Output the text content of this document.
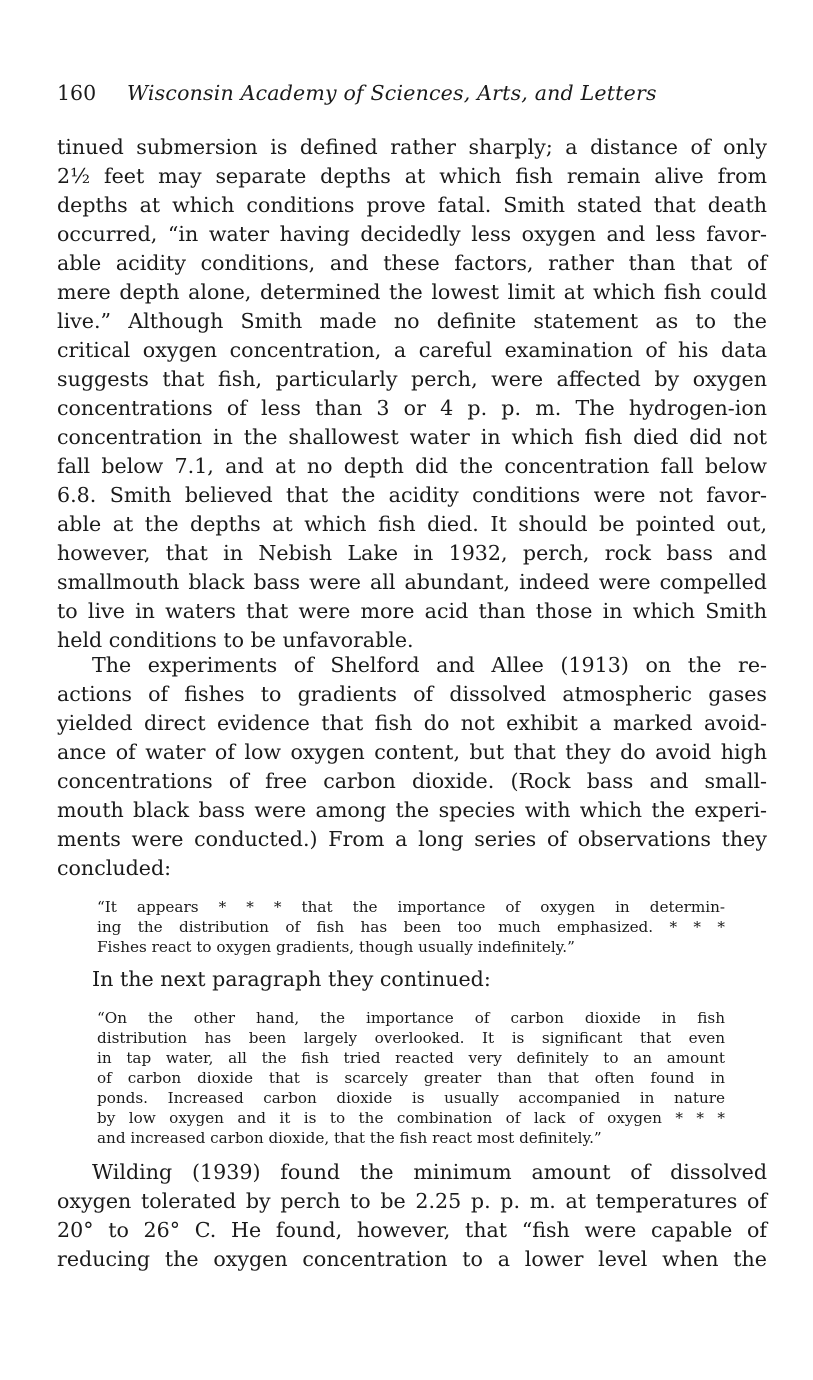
160 Wisconsin Academy of Sciences, Arts, and Letters
tinued submersion is defined rather sharply; a distance of only
2½ feet may separate depths at which fish remain alive from
depths at which conditions prove fatal. Smith stated that death
occurred, “in water having decidedly less oxygen and less favor-
able acidity conditions, and these factors, rather than that of
mere depth alone, determined the lowest limit at which fish could
live.” Although Smith made no definite statement as to the
critical oxygen concentration, a careful examination of his data
suggests that fish, particularly perch, were affected by oxygen
concentrations of less than 3 or 4 p. p. m. The hydrogen-ion
concentration in the shallowest water in which fish died did not
fall below 7.1, and at no depth did the concentration fall below
6.8. Smith believed that the acidity conditions were not favor-
able at the depths at which fish died. It should be pointed out,
however, that in Nebish Lake in 1932, perch, rock bass and
smallmouth black bass were all abundant, indeed were compelled
to live in waters that were more acid than those in which Smith
held conditions to be unfavorable.
The experiments of Shelford and Allee (1913) on the re-
actions of fishes to gradients of dissolved atmospheric gases
yielded direct evidence that fish do not exhibit a marked avoid-
ance of water of low oxygen content, but that they do avoid high
concentrations of free carbon dioxide. (Rock bass and small-
mouth black bass were among the species with which the experi-
ments were conducted.) From a long series of observations they
concluded:
“It appears * * * that the importance of oxygen in determin-
ing the distribution of fish has been too much emphasized. * * *
Fishes react to oxygen gradients, though usually indefinitely.”
In the next paragraph they continued:
“On the other hand, the importance of carbon dioxide in fish
distribution has been largely overlooked. It is significant that even
in tap water, all the fish tried reacted very definitely to an amount
of carbon dioxide that is scarcely greater than that often found in
ponds. Increased carbon dioxide is usually accompanied in nature
by low oxygen and it is to the combination of lack of oxygen * * *
and increased carbon dioxide, that the fish react most definitely.”
Wilding (1939) found the minimum amount of dissolved
oxygen tolerated by perch to be 2.25 p. p. m. at temperatures of
20° to 26° C. He found, however, that “fish were capable of
reducing the oxygen concentration to a lower level when the
